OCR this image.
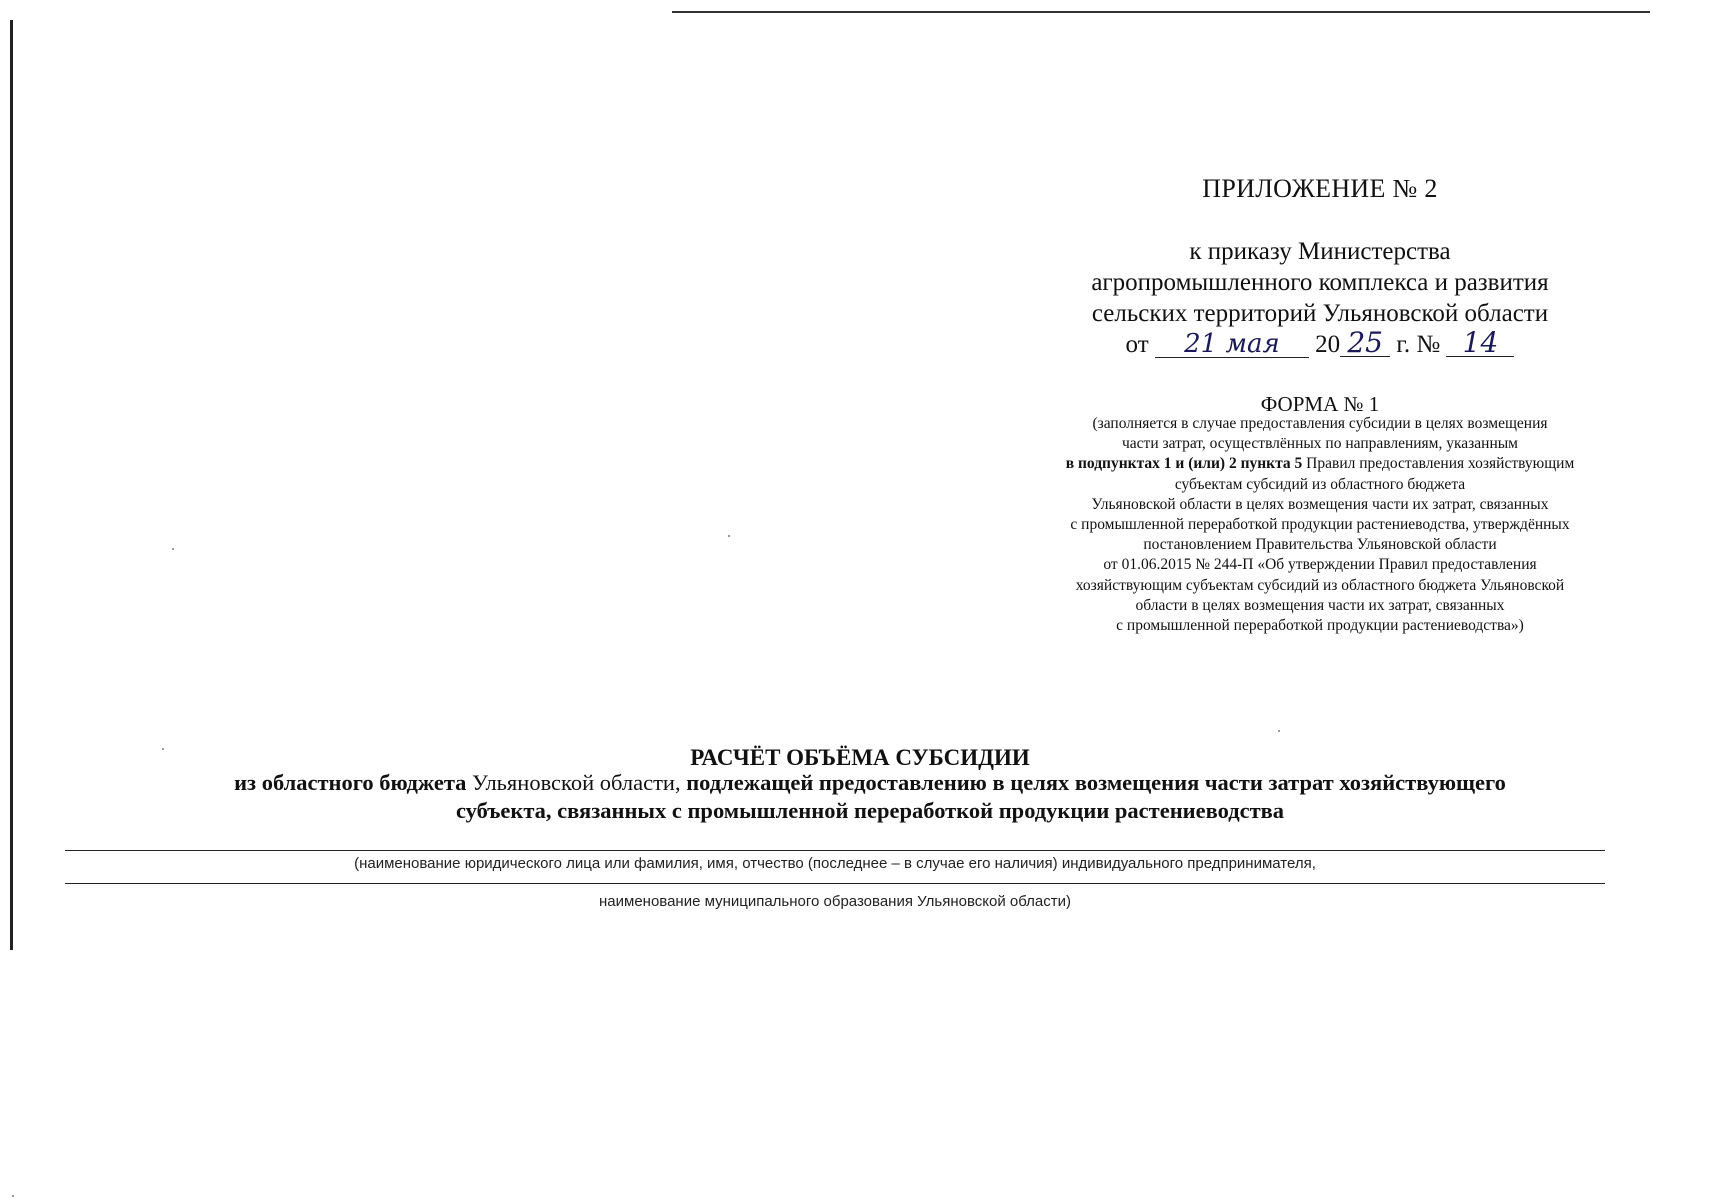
ПРИЛОЖЕНИЕ № 2
к приказу Министерства
агропромышленного комплекса и развития
сельских территорий Ульяновской области
от 21 мая 20 25 г. № 14
ФОРМА № 1
(заполняется в случае предоставления субсидии в целях возмещения
части затрат, осуществлённых по направлениям, указанным
в подпунктах 1 и (или) 2 пункта 5 Правил предоставления хозяйствующим
субъектам субсидий из областного бюджета
Ульяновской области в целях возмещения части их затрат, связанных
с промышленной переработкой продукции растениеводства, утверждённых
постановлением Правительства Ульяновской области
от 01.06.2015 № 244-П «Об утверждении Правил предоставления
хозяйствующим субъектам субсидий из областного бюджета Ульяновской
области в целях возмещения части их затрат, связанных
с промышленной переработкой продукции растениеводства»)
РАСЧЁТ ОБЪЁМА СУБСИДИИ
из областного бюджета Ульяновской области, подлежащей предоставлению в целях возмещения части затрат хозяйствующего
субъекта, связанных с промышленной переработкой продукции растениеводства
(наименование юридического лица или фамилия, имя, отчество (последнее – в случае его наличия) индивидуального предпринимателя,
наименование муниципального образования Ульяновской области)
